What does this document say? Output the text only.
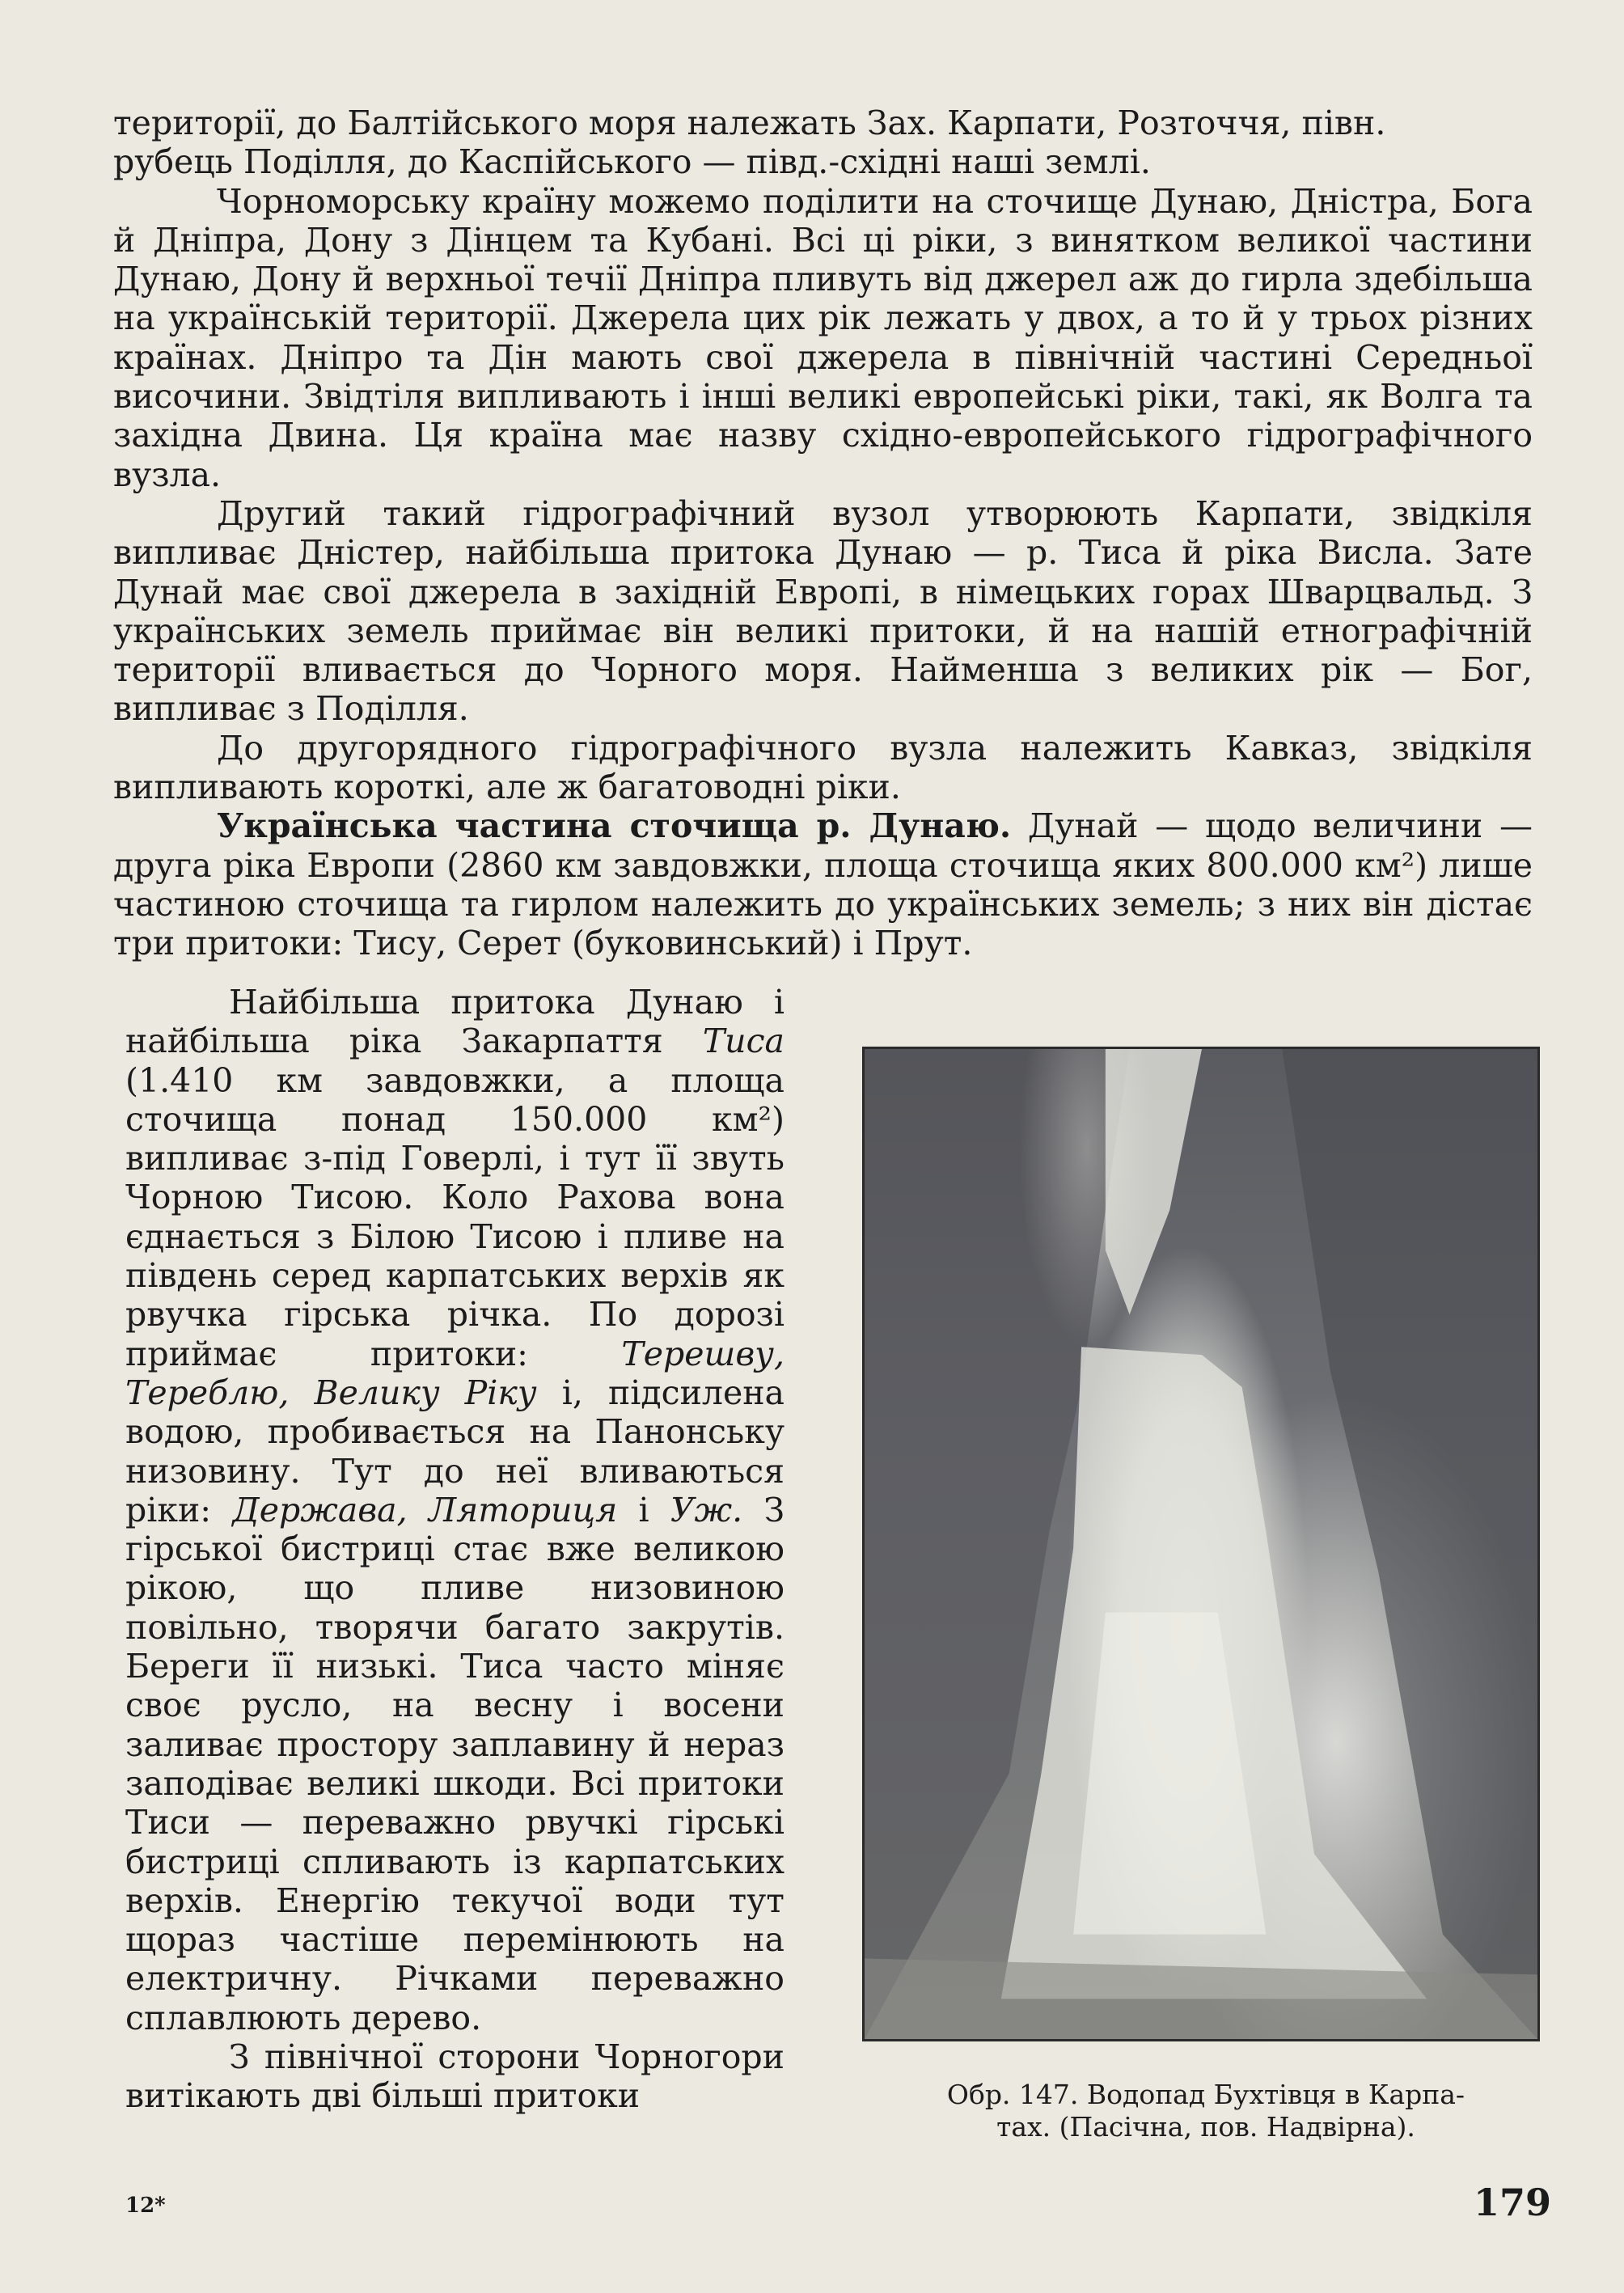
території, до Балтійського моря належать Зах. Карпати, Розточчя, півн.

рубець Поділля, до Каспійського — півд.-східні наші землі.

Чорноморську країну можемо поділити на сточище Дунаю, Дністра, Бога й Дніпра, Дону з Дінцем та Кубані. Всі ці ріки, з винятком великої частини Дунаю, Дону й верхньої течії Дніпра пливуть від джерел аж до гирла здебільша на українській території. Джерела цих рік лежать у двох, а то й у трьох різних країнах. Дніпро та Дін мають свої джерела в північній частині Середньої височини. Звідтіля випливають і інші великі европейські ріки, такі, як Волга та західна Двина. Ця країна має назву східно-европейського гідрографічного вузла.

Другий такий гідрографічний вузол утворюють Карпати, звідкіля випливає Дністер, найбільша притока Дунаю — р. Тиса й ріка Висла. Зате Дунай має свої джерела в західній Европі, в німецьких горах Шварцвальд. З українських земель приймає він великі притоки, й на нашій етнографічній території вливається до Чорного моря. Найменша з великих рік — Бог, випливає з Поділля.

До другорядного гідрографічного вузла належить Кавказ, звідкіля випливають короткі, але ж багатоводні ріки.

Українська частина сточища р. Дунаю. Дунай — щодо величини — друга ріка Европи (2860 км завдовжки, площа сточища яких 800.000 км²) лише частиною сточища та гирлом належить до українських земель; з них він дістає три притоки: Тису, Серет (буковинський) і Прут.

Найбільша притока Дунаю і найбільша ріка Закарпаття Тиса (1.410 км завдовжки, а площа сточища понад 150.000 км²) випливає з-під Говерлі, і тут її звуть Чорною Тисою. Коло Рахова вона єднається з Білою Тисою і пливе на південь серед карпатських верхів як рвучка гірська річка. По дорозі приймає притоки: Терешву, Тереблю, Велику Ріку і, підсилена водою, пробивається на Панонську низовину. Тут до неї вливаються ріки: Держава, Ляториця і Уж. З гірської бистриці стає вже великою рікою, що пливе низовиною повільно, творячи багато закрутів. Береги її низькі. Тиса часто міняє своє русло, на весну і восени заливає простору заплавину й нераз заподіває великі шкоди. Всі притоки Тиси — переважно рвучкі гірські бистриці спливають із карпатських верхів. Енергію текучої води тут щораз частіше перемінюють на електричну. Річками переважно сплавлюють дерево.

З північної сторони Чорногори витікають дві більші притоки	Обр. 147. Водопад Бухтівця в Карпа-
тах. (Пасічна, пов. Надвірна).
12*	179
